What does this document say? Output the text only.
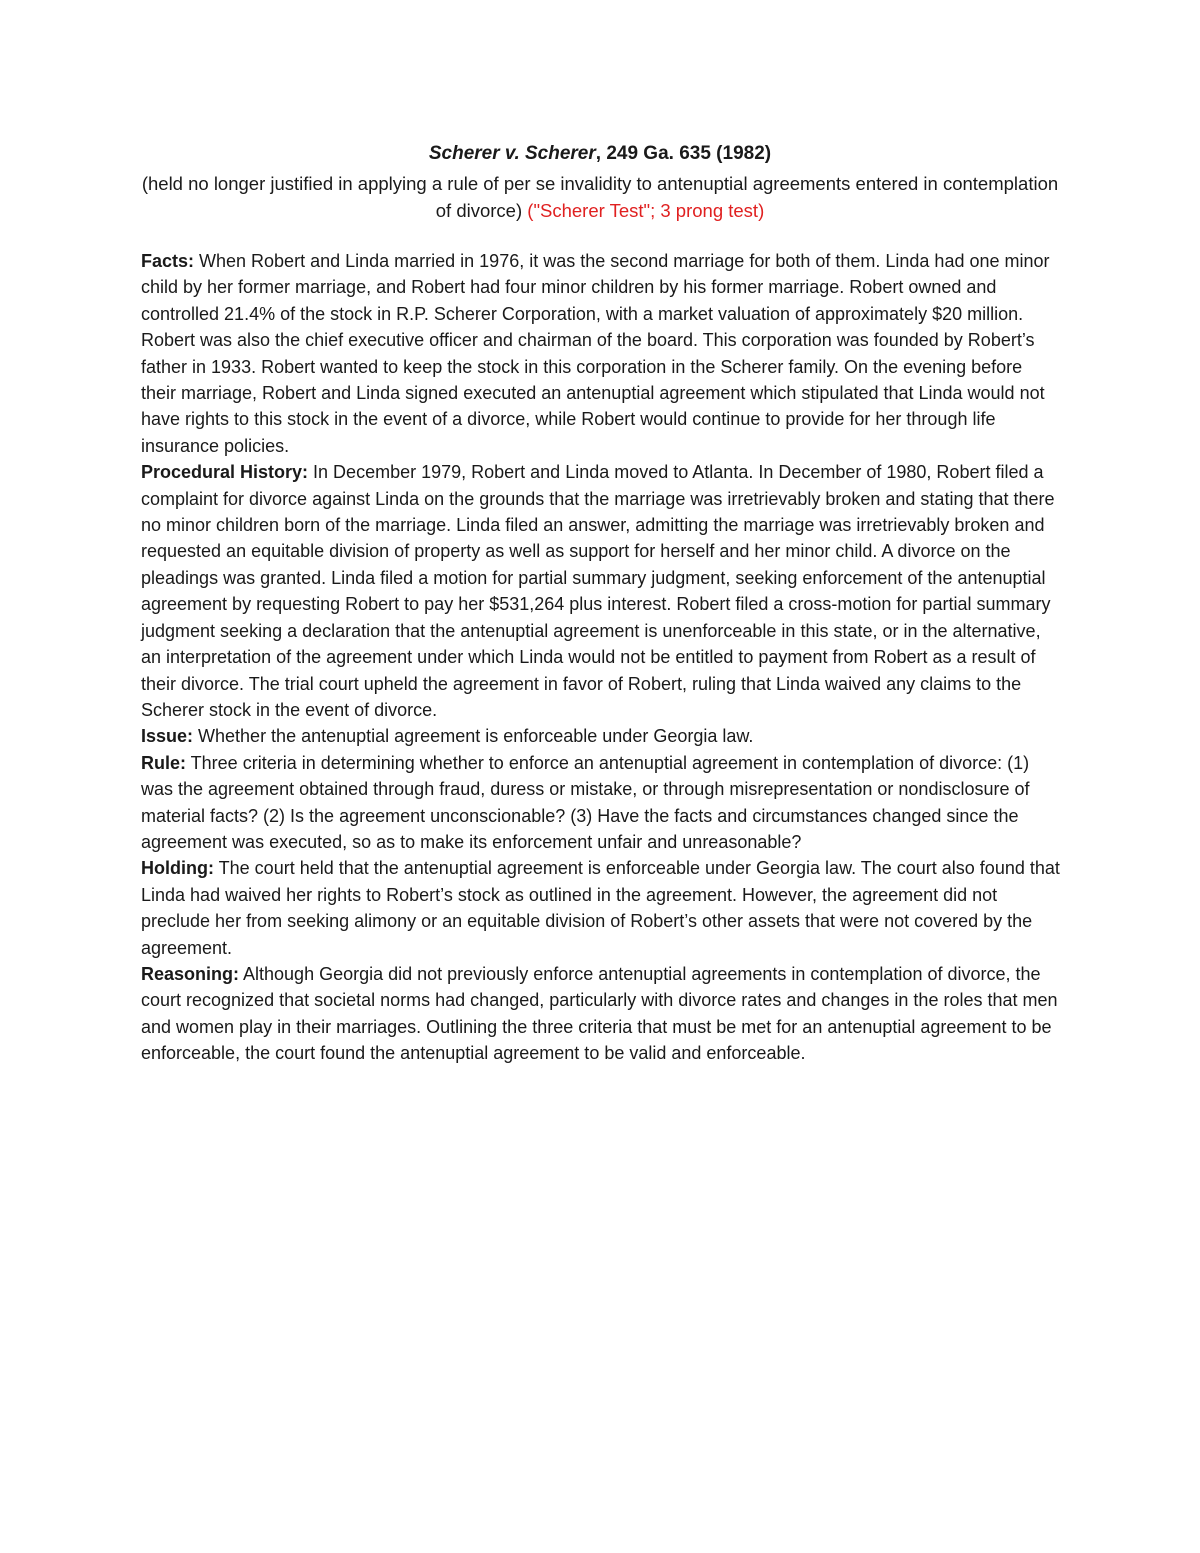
Scherer v. Scherer, 249 Ga. 635 (1982)

(held no longer justified in applying a rule of per se invalidity to antenuptial agreements entered in contemplation of divorce) ("Scherer Test"; 3 prong test)

Facts: When Robert and Linda married in 1976, it was the second marriage for both of them. Linda had one minor child by her former marriage, and Robert had four minor children by his former marriage. Robert owned and controlled 21.4% of the stock in R.P. Scherer Corporation, with a market valuation of approximately $20 million. Robert was also the chief executive officer and chairman of the board. This corporation was founded by Robert’s father in 1933. Robert wanted to keep the stock in this corporation in the Scherer family. On the evening before their marriage, Robert and Linda signed executed an antenuptial agreement which stipulated that Linda would not have rights to this stock in the event of a divorce, while Robert would continue to provide for her through life insurance policies.

Procedural History: In December 1979, Robert and Linda moved to Atlanta. In December of 1980, Robert filed a complaint for divorce against Linda on the grounds that the marriage was irretrievably broken and stating that there no minor children born of the marriage. Linda filed an answer, admitting the marriage was irretrievably broken and requested an equitable division of property as well as support for herself and her minor child. A divorce on the pleadings was granted. Linda filed a motion for partial summary judgment, seeking enforcement of the antenuptial agreement by requesting Robert to pay her $531,264 plus interest. Robert filed a cross-motion for partial summary judgment seeking a declaration that the antenuptial agreement is unenforceable in this state, or in the alternative, an interpretation of the agreement under which Linda would not be entitled to payment from Robert as a result of their divorce. The trial court upheld the agreement in favor of Robert, ruling that Linda waived any claims to the Scherer stock in the event of divorce.

Issue: Whether the antenuptial agreement is enforceable under Georgia law.

Rule: Three criteria in determining whether to enforce an antenuptial agreement in contemplation of divorce: (1) was the agreement obtained through fraud, duress or mistake, or through misrepresentation or nondisclosure of material facts? (2) Is the agreement unconscionable? (3) Have the facts and circumstances changed since the agreement was executed, so as to make its enforcement unfair and unreasonable?

Holding: The court held that the antenuptial agreement is enforceable under Georgia law. The court also found that Linda had waived her rights to Robert’s stock as outlined in the agreement. However, the agreement did not preclude her from seeking alimony or an equitable division of Robert’s other assets that were not covered by the agreement.

Reasoning: Although Georgia did not previously enforce antenuptial agreements in contemplation of divorce, the court recognized that societal norms had changed, particularly with divorce rates and changes in the roles that men and women play in their marriages. Outlining the three criteria that must be met for an antenuptial agreement to be enforceable, the court found the antenuptial agreement to be valid and enforceable.
